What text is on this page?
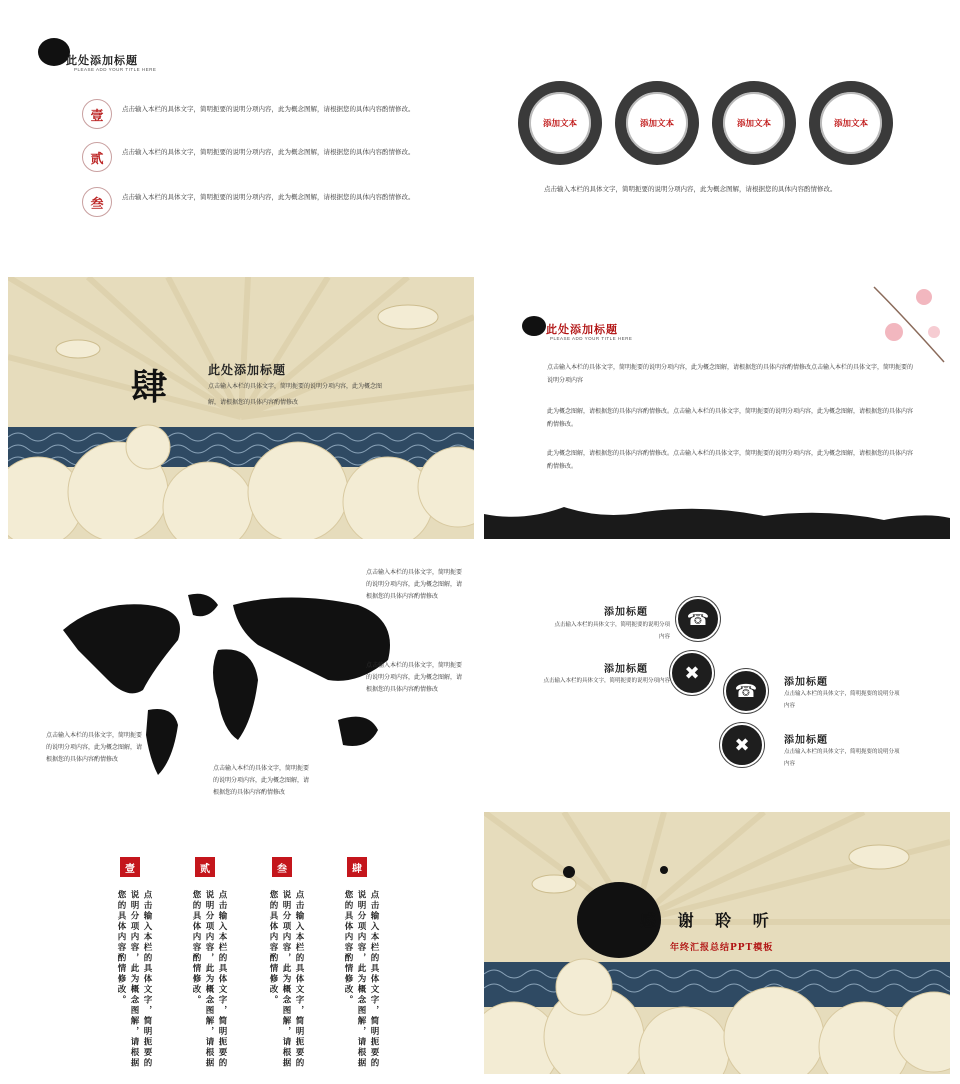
此处添加标题
PLEASE ADD YOUR TITLE HERE
壹	点击输入本栏的具体文字，简明扼要的说明分项内容，此为概念图解，请根据您的具体内容酌情修改。
贰	点击输入本栏的具体文字，简明扼要的说明分项内容，此为概念图解，请根据您的具体内容酌情修改。
叁	点击输入本栏的具体文字，简明扼要的说明分项内容，此为概念图解，请根据您的具体内容酌情修改。
添加文本	添加文本	添加文本	添加文本
点击输入本栏的具体文字，简明扼要的说明分项内容，此为概念图解，请根据您的具体内容酌情修改。
肆	此处添加标题
点击输入本栏的具体文字，简明扼要的说明分项内容，此为概念图解，请根据您的具体内容酌情修改
此处添加标题
PLEASE ADD YOUR TITLE HERE
点击输入本栏的具体文字，简明扼要的说明分项内容，此为概念图解，请根据您的具体内容酌情修改点击输入本栏的具体文字，简明扼要的说明分项内容
此为概念图解，请根据您的具体内容酌情修改。点击输入本栏的具体文字，简明扼要的说明分项内容，此为概念图解，请根据您的具体内容酌情修改。
此为概念图解，请根据您的具体内容酌情修改。点击输入本栏的具体文字，简明扼要的说明分项内容，此为概念图解，请根据您的具体内容酌情修改。
点击输入本栏的具体文字，简明扼要的说明分项内容，此为概念图解，请根据您的具体内容酌情修改
点击输入本栏的具体文字，简明扼要的说明分项内容，此为概念图解，请根据您的具体内容酌情修改
点击输入本栏的具体文字，简明扼要的说明分项内容，此为概念图解，请根据您的具体内容酌情修改
点击输入本栏的具体文字，简明扼要的说明分项内容，此为概念图解，请根据您的具体内容酌情修改
添加标题
点击输入本栏的具体文字，简明扼要的说明分项内容
☎
添加标题
点击输入本栏的具体文字，简明扼要的说明分项内容 ✖
☎	添加标题
点击输入本栏的具体文字，简明扼要的说明分项内容
✖	添加标题
点击输入本栏的具体文字，简明扼要的说明分项内容
壹
点击输入本栏的具体文字，简明扼要的说明分项内容，此为概念图解，请根据您的具体内容酌情修改。
贰
点击输入本栏的具体文字，简明扼要的说明分项内容，此为概念图解，请根据您的具体内容酌情修改。
叁
点击输入本栏的具体文字，简明扼要的说明分项内容，此为概念图解，请根据您的具体内容酌情修改。
肆
点击输入本栏的具体文字，简明扼要的说明分项内容，此为概念图解，请根据您的具体内容酌情修改。	感 谢 聆 听
年终汇报总结PPT模板
